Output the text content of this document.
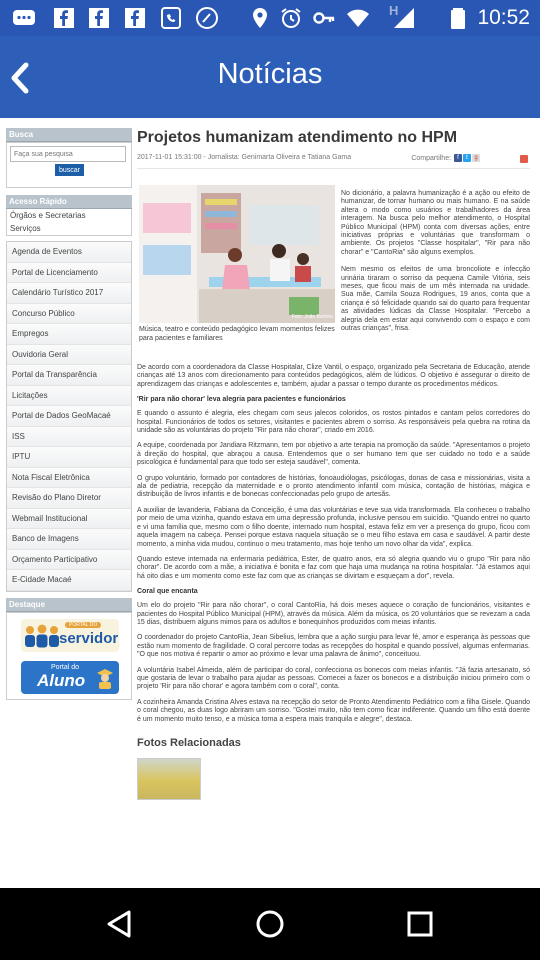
H	10:52
Notícias
Busca
Faça sua pesquisa
buscar
Acesso Rápido
Órgãos e Secretarias
Serviços
Agenda de Eventos
Portal de Licenciamento
Calendário Turístico 2017
Concurso Público
Empregos
Ouvidoria Geral
Portal da Transparência
Licitações
Portal de Dados GeoMacaé
ISS
IPTU
Nota Fiscal Eletrônica
Revisão do Plano Diretor
Webmail Institucional
Banco de Imagens
Orçamento Participativo
E-Cidade Macaé
Destaque
PORTAL DO
servidor
Portal do
Aluno
Projetos humanizam atendimento no HPM
2017-11-01 15:31:00 - Jornalista: Genimarta Oliveira e Tatiana Gama	Compartilhe: f t g
Foto: João Barreto
Música, teatro e conteúdo pedagógico levam momentos felizes para pacientes e familiares

No dicionário, a palavra humanização é a ação ou efeito de humanizar, de tornar humano ou mais humano. E na saúde altera o modo como usuários e trabalhadores da área interagem. Na busca pelo melhor atendimento, o Hospital Público Municipal (HPM) conta com diversas ações, entre iniciativas próprias e voluntárias que transformam o ambiente. Os projetos "Classe hospitalar", "Rir para não chorar" e "CantoRia" são alguns exemplos.

Nem mesmo os efeitos de uma broncoliote e infecção urinária tiraram o sorriso da pequena Camile Vitória, seis meses, que ficou mais de um mês internada na unidade. Sua mãe, Camila Souza Rodrigues, 19 anos, conta que a criança é só felicidade quando sai do quarto para frequentar as atividades lúdicas da Classe Hospitalar. "Percebo a alegria dela em estar aqui convivendo com o espaço e com outras crianças", frisa.

De acordo com a coordenadora da Classe Hospitalar, Clize Vantil, o espaço, organizado pela Secretaria de Educação, atende crianças até 13 anos com direcionamento para conteúdos pedagógicos, além de lúdicos. O objetivo é assegurar o direito de aprendizagem das crianças e adolescentes e, também, ajudar a passar o tempo durante os procedimentos médicos.

'Rir para não chorar' leva alegria para pacientes e funcionários

E quando o assunto é alegria, eles chegam com seus jalecos coloridos, os rostos pintados e cantam pelos corredores do hospital. Funcionários de todos os setores, visitantes e pacientes abrem o sorriso. As responsáveis pela quebra na rotina da unidade são as voluntárias do projeto "Rir para não chorar", criado em 2016.

A equipe, coordenada por Jandiara Ritzmann, tem por objetivo a arte terapia na promoção da saúde. "Apresentamos o projeto à direção do hospital, que abraçou a causa. Entendemos que o ser humano tem que ser cuidado no todo e a saúde psicológica é fundamental para que todo ser esteja saudável", comenta.

O grupo voluntário, formado por contadores de histórias, fonoaudiólogas, psicólogas, donas de casa e missionárias, visita a ala de pediatria, recepção da maternidade e o pronto atendimento infantil com música, contação de histórias, mágica e distribuição de livros infantis e de bonecas confeccionadas pelo grupo de artesãs.

A auxiliar de lavanderia, Fabiana da Conceição, é uma das voluntárias e teve sua vida transformada. Ela conheceu o trabalho por meio de uma vizinha, quando estava em uma depressão profunda, inclusive pensou em suicídio. "Quando entrei no quarto e vi uma família que, mesmo com o filho doente, internado num hospital, estava feliz em ver a presença do grupo, ficou com aquela imagem na cabeça. Pensei porque estava naquela situação se o meu filho estava em casa e saudável. A partir deste momento, a minha vida mudou, continuo o meu tratamento, mas hoje tenho um novo olhar da vida", explica.

Quando esteve internada na enfermaria pediátrica, Ester, de quatro anos, era só alegria quando viu o grupo "Rir para não chorar". De acordo com a mãe, a iniciativa é bonita e faz com que haja uma mudança na rotina hospitalar. "Já estamos aqui há oito dias e um momento como este faz com que as crianças se divirtam e esqueçam a dor", revela.

Coral que encanta

Um elo do projeto "Rir para não chorar", o coral CantoRia, há dois meses aquece o coração de funcionários, visitantes e pacientes do Hospital Público Municipal (HPM), através da música. Além da música, os 20 voluntários que se revezam a cada 15 dias, distribuem alguns mimos para os adultos e bonequinhos produzidos com meias infantis.

O coordenador do projeto CantoRia, Jean Sibelius, lembra que a ação surgiu para levar fé, amor e esperança às pessoas que estão num momento de fragilidade. O coral percorre todas as recepções do hospital e quando possível, algumas enfermarias. "O que nos motiva é repartir o amor ao próximo e levar uma palavra de ânimo", conceituou.

A voluntária Isabel Almeida, além de participar do coral, confecciona os bonecos com meias infantis. "Já fazia artesanato, só que gostaria de levar o trabalho para ajudar as pessoas. Comecei a fazer os bonecos e a distribuição iniciou primeiro com o projeto 'Rir para não chorar' e agora também com o coral", conta.

A cozinheira Amanda Cristina Alves estava na recepção do setor de Pronto Atendimento Pediátrico com a filha Gisele. Quando o coral chegou, as duas logo abriram um sorriso. "Gostei muito, não tem como ficar indiferente. Quando um filho está doente é um momento muito tenso, e a música torna a espera mais tranquila e alegre", destaca.

Fotos Relacionadas
